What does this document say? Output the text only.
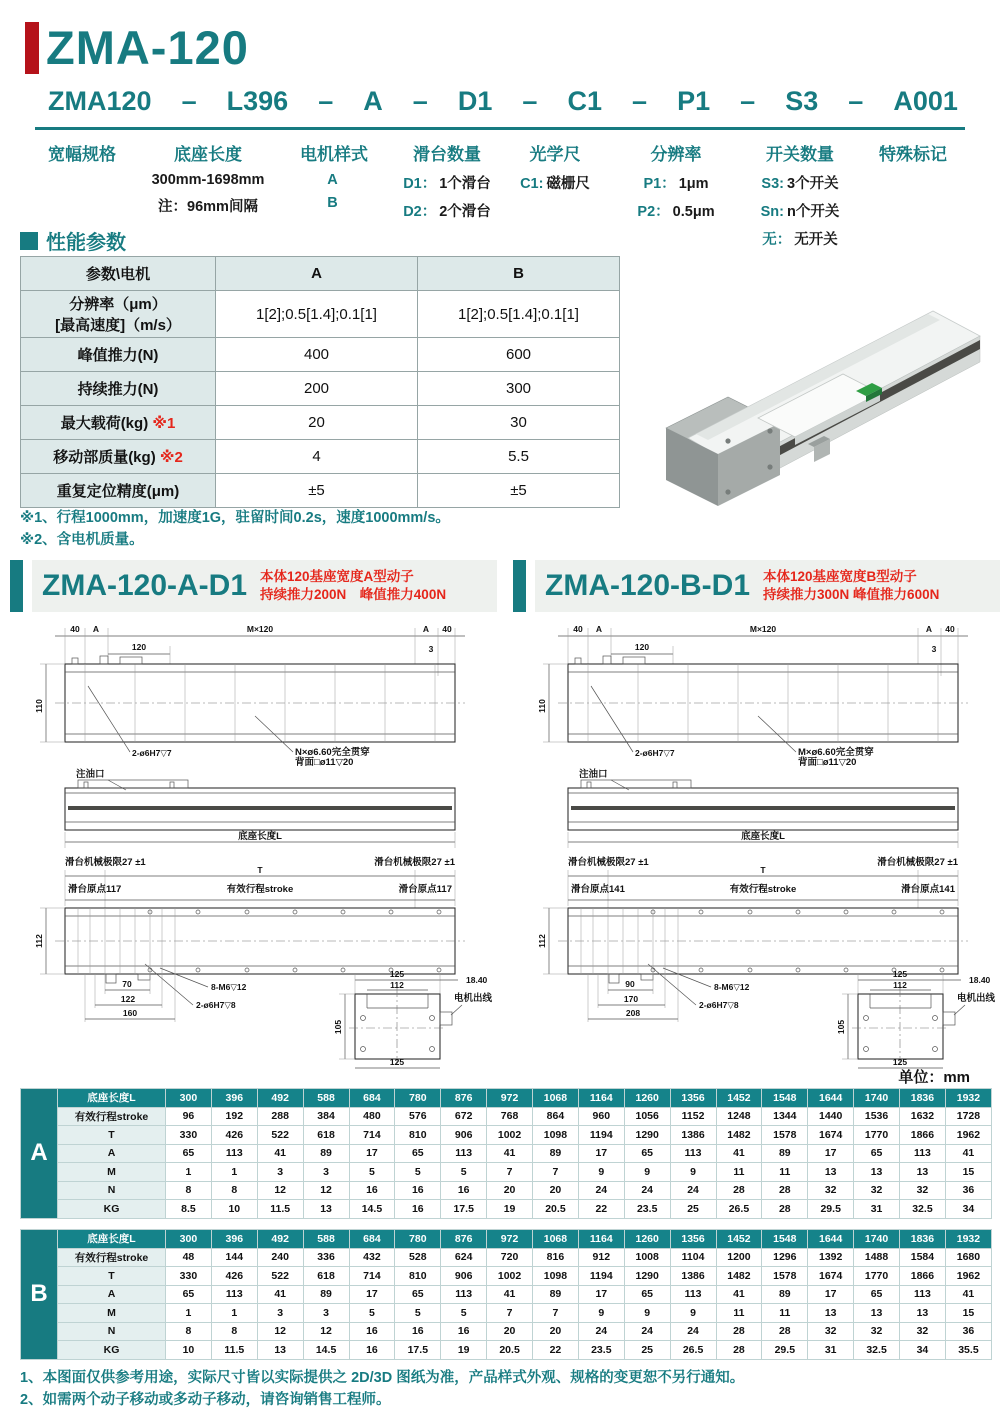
ZMA-120
ZMA120 – L396 – A – D1 – C1 – P1 – S3 – A001
宽幅规格	底座长度
300mm-1698mm
注：96mm间隔
电机样式
A
B
滑台数量
D1： 1个滑台
D2： 2个滑台
光学尺
C1: 磁栅尺
分辨率
P1： 1μm
P2： 0.5μm
开关数量
S3: 3个开关
Sn: n个开关
无： 无开关
特殊标记
性能参数
参数\电机	A	B
分辨率（μm）
[最高速度]（m/s）	1[2];0.5[1.4];0.1[1]	1[2];0.5[1.4];0.1[1]
峰值推力(N)	400	600
持续推力(N)	200	300
最大载荷(kg) ※1	20	30
移动部质量(kg) ※2	4	5.5
重复定位精度(μm)	±5	±5
※1、行程1000mm，加速度1G，驻留时间0.2s，速度1000mm/s。
※2、含电机质量。
ZMA-120-A-D1 本体120基座宽度A型动子
持续推力200N　峰值推力400N
40 A	M×120	A 40
120	3
110
2-ø6H7▽7	N×ø6.60完全贯穿
背面□ø11▽20
注油口
底座长度L
滑台机械极限27 ±1	滑台机械极限27 ±1
T
滑台原点117	有效行程stroke	滑台原点117
112
70
122
160
8-M6▽12
2-ø6H7▽8
125
112	18.40
电机出线
105
125
ZMA-120-B-D1 本体120基座宽度B型动子
持续推力300N 峰值推力600N
40 A	M×120	A 40
120	3
110
2-ø6H7▽7	M×ø6.60完全贯穿
背面□ø11▽20
注油口
底座长度L
滑台机械极限27 ±1	滑台机械极限27 ±1
T
滑台原点141	有效行程stroke	滑台原点141
112
90
170
208
8-M6▽12
2-ø6H7▽8
125
112	18.40
电机出线
105
125
单位：mm
A	底座长度L	300	396	492	588	684	780	876	972	1068	1164	1260	1356	1452	1548	1644	1740	1836	1932
	有效行程stroke	96	192	288	384	480	576	672	768	864	960	1056	1152	1248	1344	1440	1536	1632	1728
	T	330	426	522	618	714	810	906	1002	1098	1194	1290	1386	1482	1578	1674	1770	1866	1962
	A	65	113	41	89	17	65	113	41	89	17	65	113	41	89	17	65	113	41
	M	1	1	3	3	5	5	5	7	7	9	9	9	11	11	13	13	13	15
	N	8	8	12	12	16	16	16	20	20	24	24	24	28	28	32	32	32	36
	KG	8.5	10	11.5	13	14.5	16	17.5	19	20.5	22	23.5	25	26.5	28	29.5	31	32.5	34
B	底座长度L	300	396	492	588	684	780	876	972	1068	1164	1260	1356	1452	1548	1644	1740	1836	1932
	有效行程stroke	48	144	240	336	432	528	624	720	816	912	1008	1104	1200	1296	1392	1488	1584	1680
	T	330	426	522	618	714	810	906	1002	1098	1194	1290	1386	1482	1578	1674	1770	1866	1962
	A	65	113	41	89	17	65	113	41	89	17	65	113	41	89	17	65	113	41
	M	1	1	3	3	5	5	5	7	7	9	9	9	11	11	13	13	13	15
	N	8	8	12	12	16	16	16	20	20	24	24	24	28	28	32	32	32	36
	KG	10	11.5	13	14.5	16	17.5	19	20.5	22	23.5	25	26.5	28	29.5	31	32.5	34	35.5
1、本图面仅供参考用途，实际尺寸皆以实际提供之 2D/3D 图纸为准，产品样式外观、规格的变更恕不另行通知。
2、如需两个动子移动或多动子移动，请咨询销售工程师。
